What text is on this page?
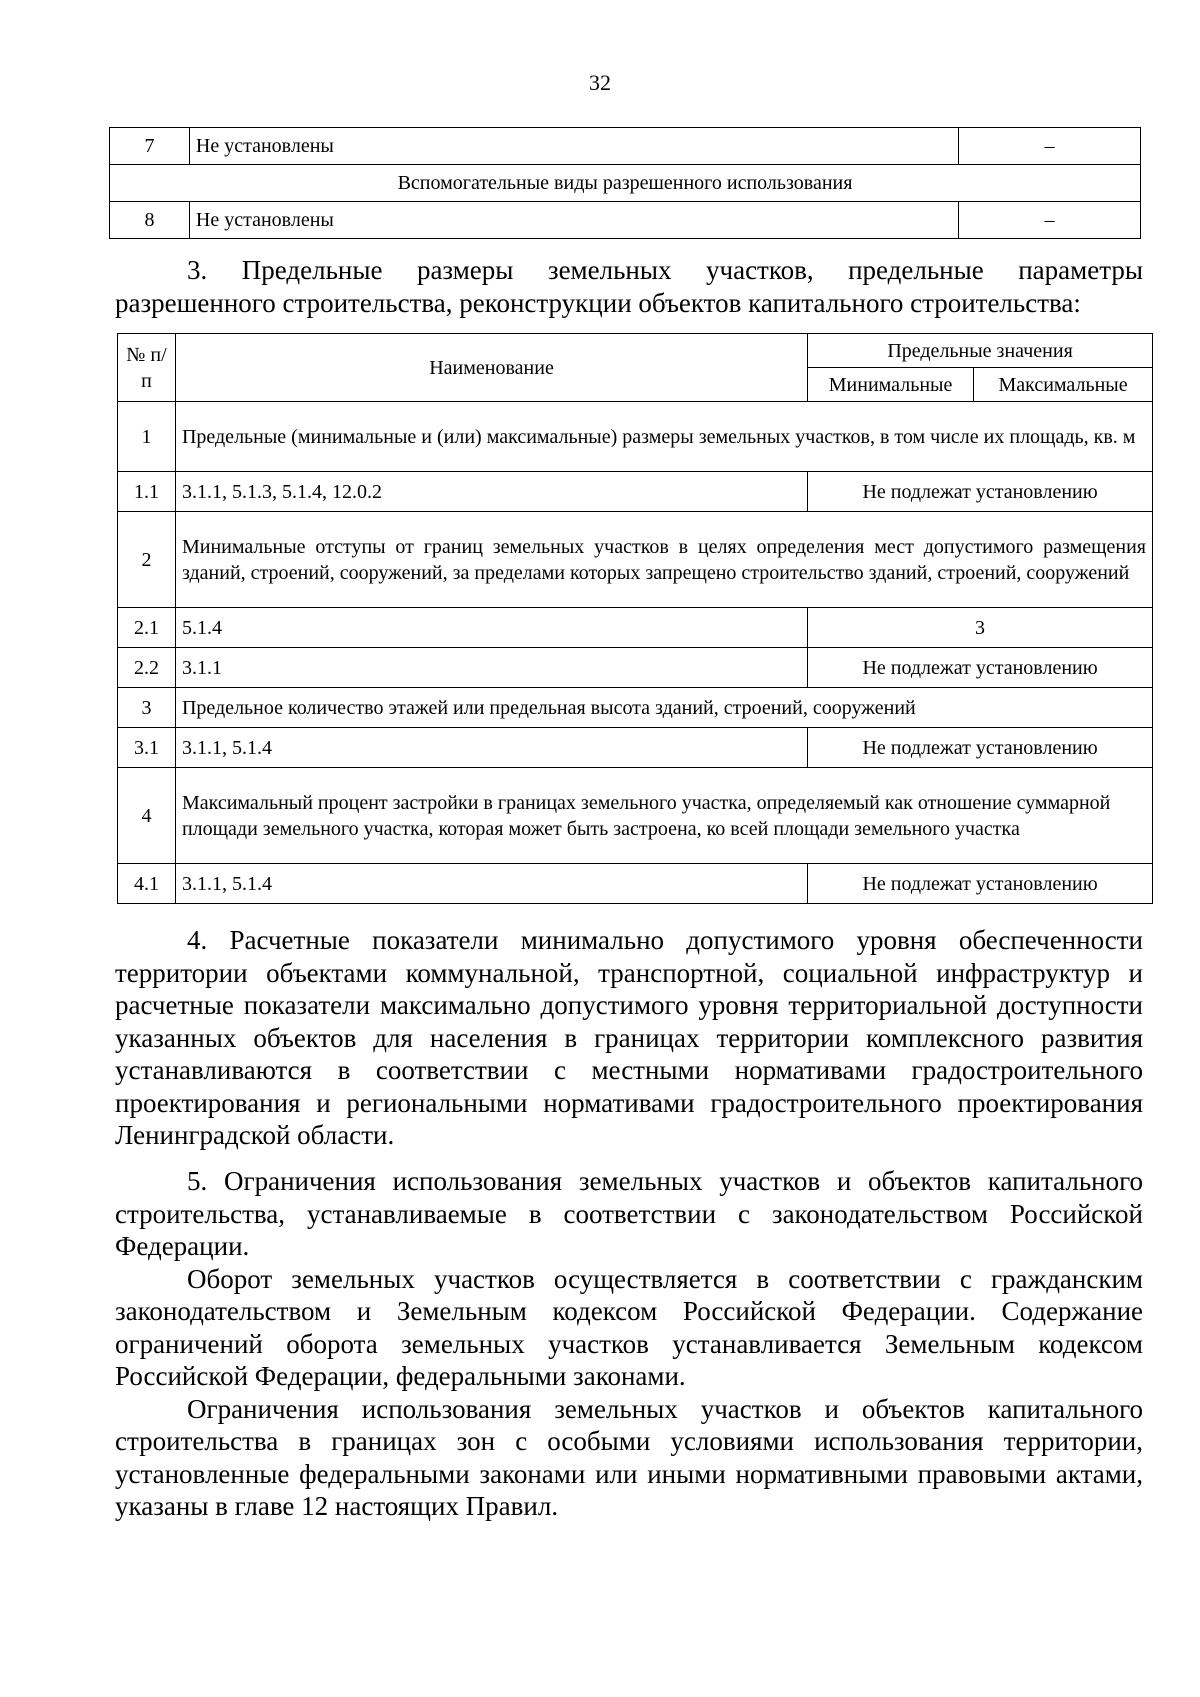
32
7	Не установлены	–
Вспомогательные виды разрешенного использования		
8	Не установлены	–
3. Предельные размеры земельных участков, предельные параметры разрешенного строительства, реконструкции объектов капитального строительства:
№ п/п	Наименование	Предельные значения	
		Минимальные	Максимальные
1	Предельные (минимальные и (или) максимальные) размеры земельных участков, в том числе их площадь, кв. м		
1.1	3.1.1, 5.1.3, 5.1.4, 12.0.2	Не подлежат установлению	
2	Минимальные отступы от границ земельных участков в целях определения мест допустимого размещения зданий, строений, сооружений, за пределами которых запрещено строительство зданий, строений, сооружений		
2.1	5.1.4	3	
2.2	3.1.1	Не подлежат установлению	
3	Предельное количество этажей или предельная высота зданий, строений, сооружений		
3.1	3.1.1, 5.1.4	Не подлежат установлению	
4	Максимальный процент застройки в границах земельного участка, определяемый как отношение суммарной площади земельного участка, которая может быть застроена, ко всей площади земельного участка		
4.1	3.1.1, 5.1.4	Не подлежат установлению	
4. Расчетные показатели минимально допустимого уровня обеспеченности территории объектами коммунальной, транспортной, социальной инфраструктур и расчетные показатели максимально допустимого уровня территориальной доступности указанных объектов для населения в границах территории комплексного развития устанавливаются в соответствии с местными нормативами градостроительного проектирования и региональными нормативами градостроительного проектирования Ленинградской области.
5. Ограничения использования земельных участков и объектов капитального строительства, устанавливаемые в соответствии с законодательством Российской Федерации.
Оборот земельных участков осуществляется в соответствии с гражданским законодательством и Земельным кодексом Российской Федерации. Содержание ограничений оборота земельных участков устанавливается Земельным кодексом Российской Федерации, федеральными законами.
Ограничения использования земельных участков и объектов капитального строительства в границах зон с особыми условиями использования территории, установленные федеральными законами или иными нормативными правовыми актами, указаны в главе 12 настоящих Правил.
